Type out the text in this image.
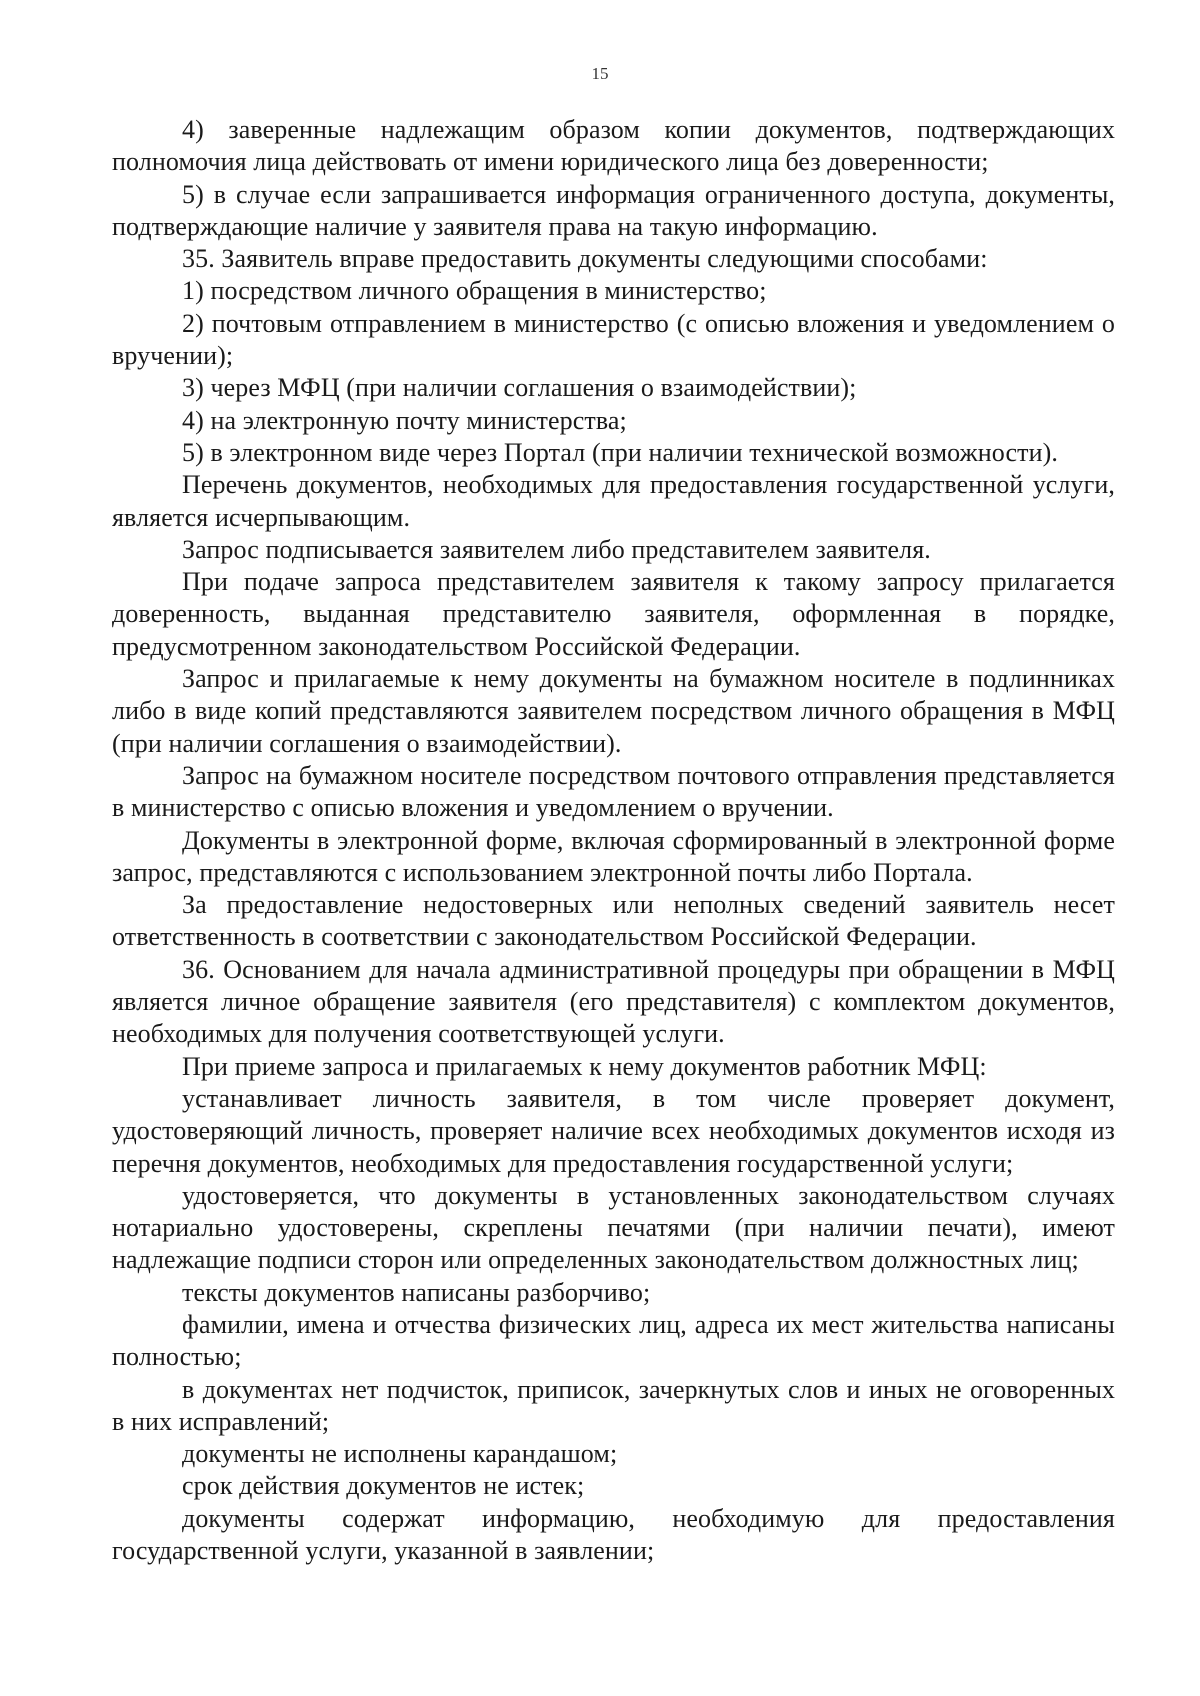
15

4) заверенные надлежащим образом копии документов, подтверждающих полномочия лица действовать от имени юридического лица без доверенности;

5) в случае если запрашивается информация ограниченного доступа, документы, подтверждающие наличие у заявителя права на такую информацию.

35. Заявитель вправе предоставить документы следующими способами:

1) посредством личного обращения в министерство;

2) почтовым отправлением в министерство (с описью вложения и уведомлением о вручении);

3) через МФЦ (при наличии соглашения о взаимодействии);

4) на электронную почту министерства;

5) в электронном виде через Портал (при наличии технической возможности).

Перечень документов, необходимых для предоставления государственной услуги, является исчерпывающим.

Запрос подписывается заявителем либо представителем заявителя.

При подаче запроса представителем заявителя к такому запросу прилагается доверенность, выданная представителю заявителя, оформленная в порядке, предусмотренном законодательством Российской Федерации.

Запрос и прилагаемые к нему документы на бумажном носителе в подлинниках либо в виде копий представляются заявителем посредством личного обращения в МФЦ (при наличии соглашения о взаимодействии).

Запрос на бумажном носителе посредством почтового отправления представляется в министерство с описью вложения и уведомлением о вручении.

Документы в электронной форме, включая сформированный в электронной форме запрос, представляются с использованием электронной почты либо Портала.

За предоставление недостоверных или неполных сведений заявитель несет ответственность в соответствии с законодательством Российской Федерации.

36. Основанием для начала административной процедуры при обращении в МФЦ является личное обращение заявителя (его представителя) с комплектом документов, необходимых для получения соответствующей услуги.

При приеме запроса и прилагаемых к нему документов работник МФЦ:

устанавливает личность заявителя, в том числе проверяет документ, удостоверяющий личность, проверяет наличие всех необходимых документов исходя из перечня документов, необходимых для предоставления государственной услуги;

удостоверяется, что документы в установленных законодательством случаях нотариально удостоверены, скреплены печатями (при наличии печати), имеют надлежащие подписи сторон или определенных законодательством должностных лиц;

тексты документов написаны разборчиво;

фамилии, имена и отчества физических лиц, адреса их мест жительства написаны полностью;

в документах нет подчисток, приписок, зачеркнутых слов и иных не оговоренных в них исправлений;

документы не исполнены карандашом;

срок действия документов не истек;

документы содержат информацию, необходимую для предоставления государственной услуги, указанной в заявлении;
